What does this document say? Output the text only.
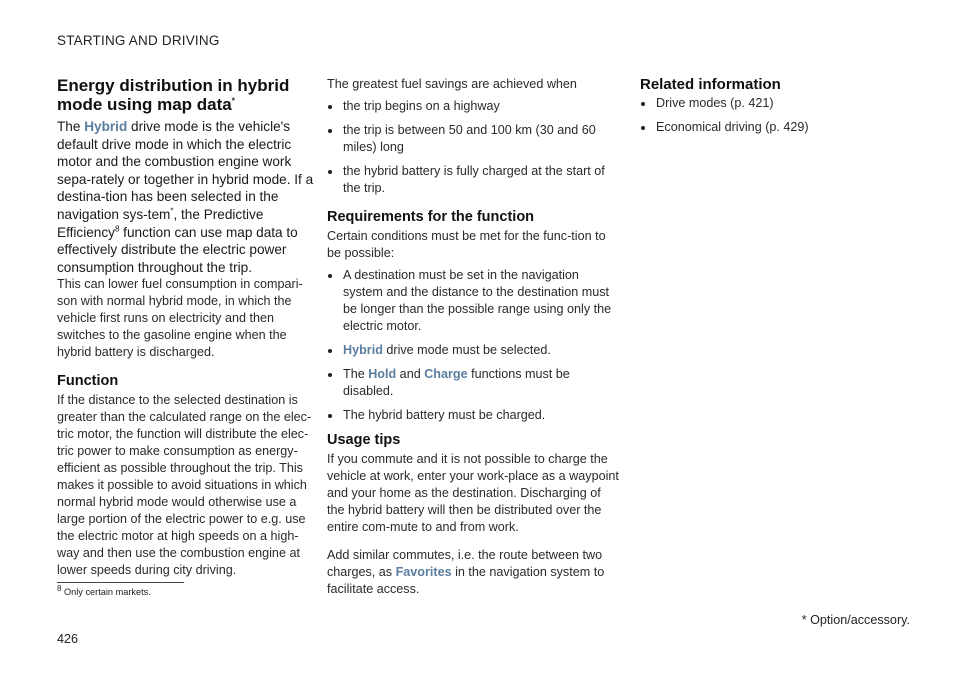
STARTING AND DRIVING
Energy distribution in hybrid mode using map data*

The Hybrid drive mode is the vehicle's default drive mode in which the electric motor and the combustion engine work sepa-rately or together in hybrid mode. If a destina-tion has been selected in the navigation sys-tem*, the Predictive Efficiency$^8$ function can use map data to effectively distribute the electric power consumption throughout the trip.

This can lower fuel consumption in compari-son with normal hybrid mode, in which the vehicle first runs on electricity and then switches to the gasoline engine when the hybrid battery is discharged.

Function

If the distance to the selected destination is greater than the calculated range on the elec-tric motor, the function will distribute the elec-tric power to make consumption as energy-efficient as possible throughout the trip. This makes it possible to avoid situations in which normal hybrid mode would otherwise use a large portion of the electric power to e.g. use the electric motor at high speeds on a high-way and then use the combustion engine at lower speeds during city driving.

The greatest fuel savings are achieved when

the trip begins on a highway
the trip is between 50 and 100 km (30 and 60 miles) long
the hybrid battery is fully charged at the start of the trip.
Requirements for the function

Certain conditions must be met for the func-tion to be possible:

A destination must be set in the navigation system and the distance to the destination must be longer than the possible range using only the electric motor.
Hybrid drive mode must be selected.
The Hold and Charge functions must be disabled.
The hybrid battery must be charged.
Usage tips

If you commute and it is not possible to charge the vehicle at work, enter your work-place as a waypoint and your home as the destination. Discharging of the hybrid battery will then be distributed over the entire com-mute to and from work.

Add similar commutes, i.e. the route between two charges, as Favorites in the navigation system to facilitate access.

Related information
Drive modes (p. 421)
Economical driving (p. 429)
$^8$ Only certain markets.
426
* Option/accessory.
